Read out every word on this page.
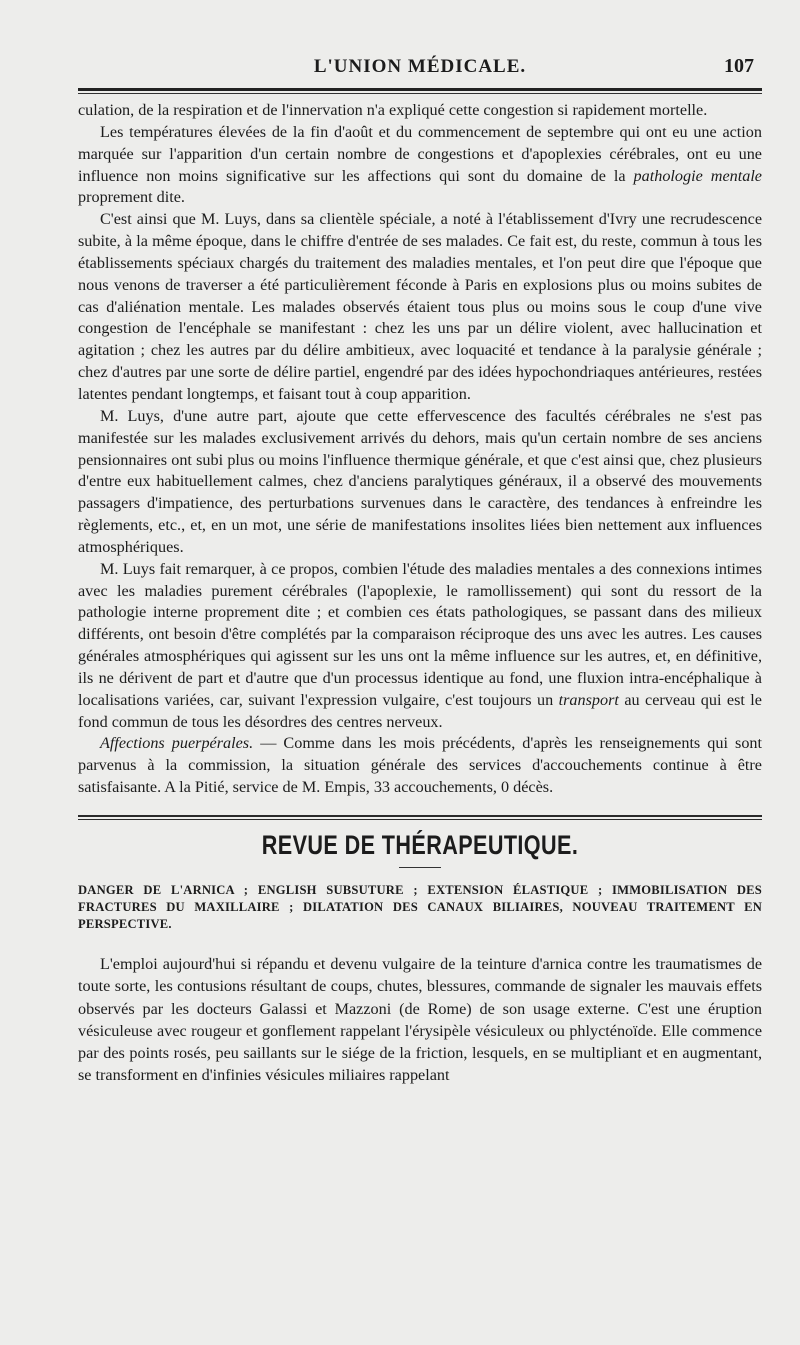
L'UNION MÉDICALE.	107

culation, de la respiration et de l'innervation n'a expliqué cette congestion si rapidement mortelle.

Les températures élevées de la fin d'août et du commencement de septembre qui ont eu une action marquée sur l'apparition d'un certain nombre de congestions et d'apoplexies cérébrales, ont eu une influence non moins significative sur les affections qui sont du domaine de la pathologie mentale proprement dite.

C'est ainsi que M. Luys, dans sa clientèle spéciale, a noté à l'établissement d'Ivry une recrudescence subite, à la même époque, dans le chiffre d'entrée de ses malades. Ce fait est, du reste, commun à tous les établissements spéciaux chargés du traitement des maladies mentales, et l'on peut dire que l'époque que nous venons de traverser a été particulièrement féconde à Paris en explosions plus ou moins subites de cas d'aliénation mentale. Les malades observés étaient tous plus ou moins sous le coup d'une vive congestion de l'encéphale se manifestant : chez les uns par un délire violent, avec hallucination et agitation ; chez les autres par du délire ambitieux, avec loquacité et tendance à la paralysie générale ; chez d'autres par une sorte de délire partiel, engendré par des idées hypochondriaques antérieures, restées latentes pendant longtemps, et faisant tout à coup apparition.

M. Luys, d'une autre part, ajoute que cette effervescence des facultés cérébrales ne s'est pas manifestée sur les malades exclusivement arrivés du dehors, mais qu'un certain nombre de ses anciens pensionnaires ont subi plus ou moins l'influence thermique générale, et que c'est ainsi que, chez plusieurs d'entre eux habituellement calmes, chez d'anciens paralytiques généraux, il a observé des mouvements passagers d'impatience, des perturbations survenues dans le caractère, des tendances à enfreindre les règlements, etc., et, en un mot, une série de manifestations insolites liées bien nettement aux influences atmosphériques.

M. Luys fait remarquer, à ce propos, combien l'étude des maladies mentales a des connexions intimes avec les maladies purement cérébrales (l'apoplexie, le ramollissement) qui sont du ressort de la pathologie interne proprement dite ; et combien ces états pathologiques, se passant dans des milieux différents, ont besoin d'être complétés par la comparaison réciproque des uns avec les autres. Les causes générales atmosphériques qui agissent sur les uns ont la même influence sur les autres, et, en définitive, ils ne dérivent de part et d'autre que d'un processus identique au fond, une fluxion intra-encéphalique à localisations variées, car, suivant l'expression vulgaire, c'est toujours un transport au cerveau qui est le fond commun de tous les désordres des centres nerveux.

Affections puerpérales. — Comme dans les mois précédents, d'après les renseignements qui sont parvenus à la commission, la situation générale des services d'accouchements continue à être satisfaisante. A la Pitié, service de M. Empis, 33 accouchements, 0 décès.

REVUE DE THÉRAPEUTIQUE.
DANGER DE L'ARNICA ; ENGLISH SUBSUTURE ; EXTENSION ÉLASTIQUE ; IMMOBILISATION DES FRACTURES DU MAXILLAIRE ; DILATATION DES CANAUX BILIAIRES, NOUVEAU TRAITEMENT EN PERSPECTIVE.

L'emploi aujourd'hui si répandu et devenu vulgaire de la teinture d'arnica contre les traumatismes de toute sorte, les contusions résultant de coups, chutes, blessures, commande de signaler les mauvais effets observés par les docteurs Galassi et Mazzoni (de Rome) de son usage externe. C'est une éruption vésiculeuse avec rougeur et gonflement rappelant l'érysipèle vésiculeux ou phlycténoïde. Elle commence par des points rosés, peu saillants sur le siége de la friction, lesquels, en se multipliant et en augmentant, se transforment en d'infinies vésicules miliaires rappelant
